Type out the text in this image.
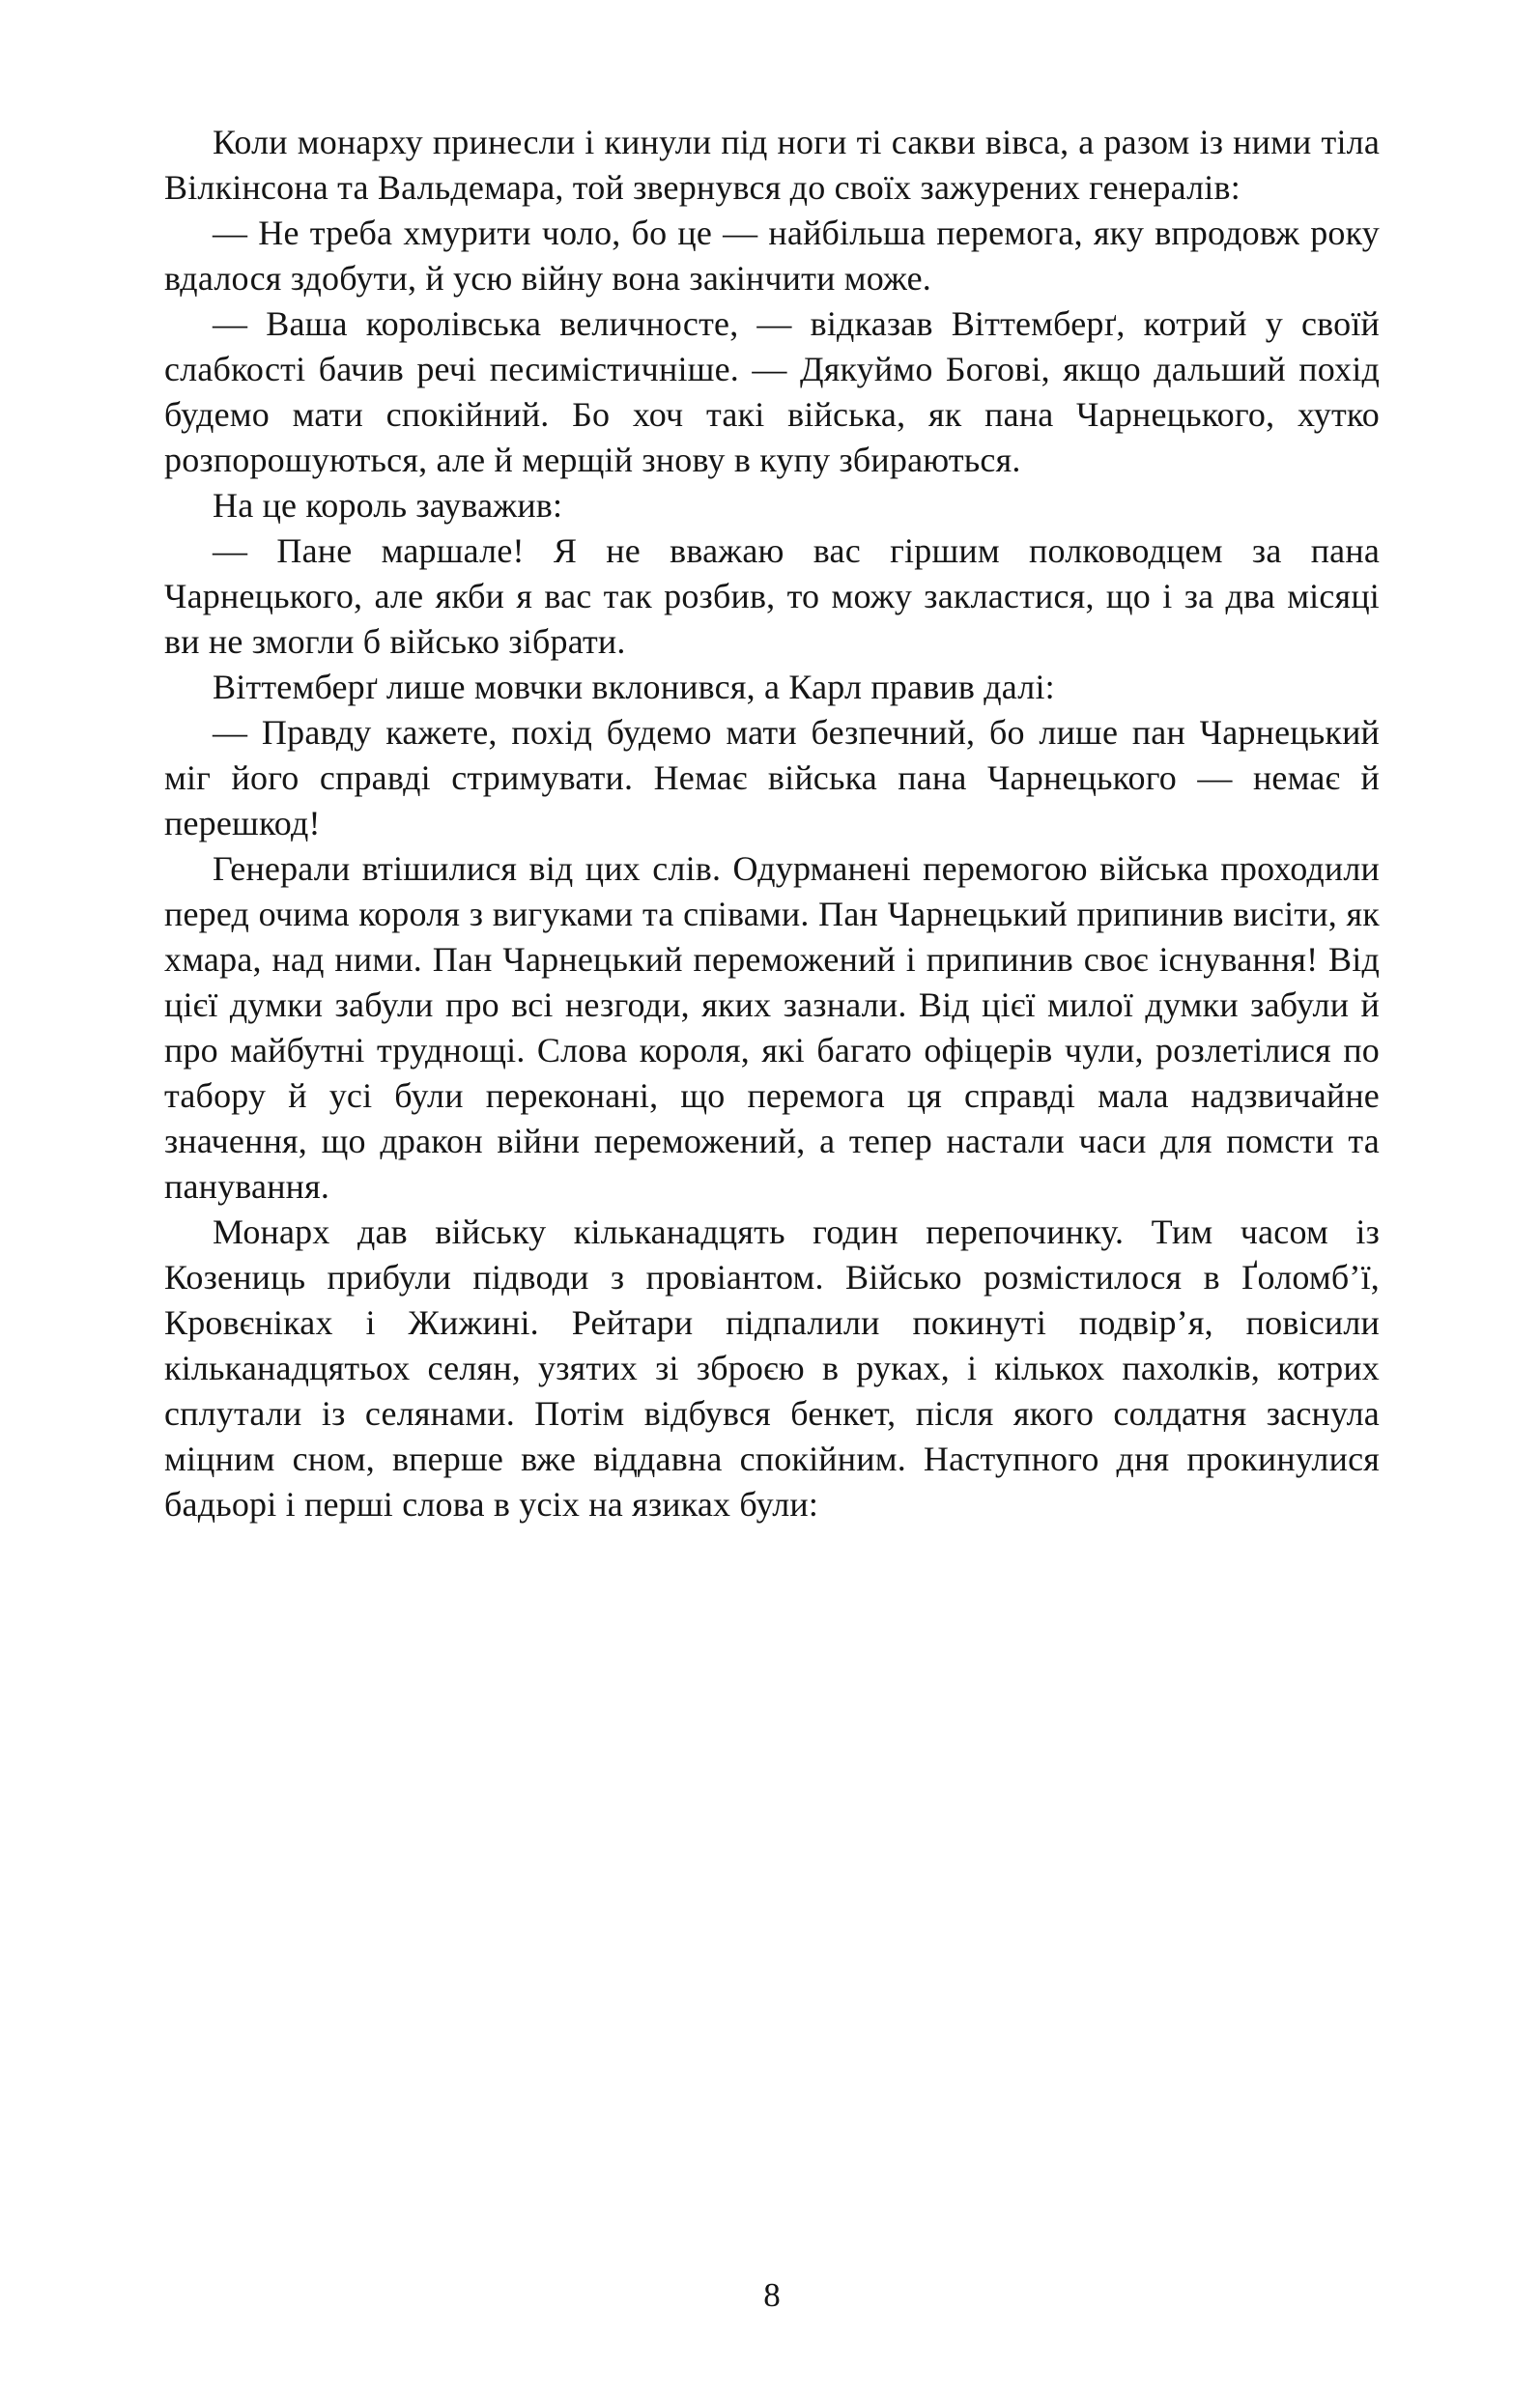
Коли монарху принесли і кинули під ноги ті сакви вівса, а разом із ними тіла Вілкінсона та Вальдемара, той звернувся до своїх зажурених генералів:

— Не треба хмурити чоло, бо це — найбільша перемога, яку впродовж року вдалося здобути, й усю війну вона закінчити може.

— Ваша королівська величносте, — відказав Віттемберґ, котрий у своїй слабкості бачив речі песимістичніше. — Дякуймо Богові, якщо дальший похід будемо мати спокійний. Бо хоч такі війська, як пана Чарнецького, хутко розпорошуються, але й мерщій знову в купу збираються.

На це король зауважив:

— Пане маршале! Я не вважаю вас гіршим полководцем за пана Чарнецького, але якби я вас так розбив, то можу закластися, що і за два місяці ви не змогли б військо зібрати.

Віттемберґ лише мовчки вклонився, а Карл правив далі:

— Правду кажете, похід будемо мати безпечний, бо лише пан Чарнецький міг його справді стримувати. Немає війська пана Чарнецького — немає й перешкод!

Генерали втішилися від цих слів. Одурманені перемогою війська проходили перед очима короля з вигуками та співами. Пан Чарнецький припинив висіти, як хмара, над ними. Пан Чарнецький переможений і припинив своє існування! Від цієї думки забули про всі незгоди, яких зазнали. Від цієї милої думки забули й про майбутні труднощі. Слова короля, які багато офіцерів чули, розлетілися по табору й усі були переконані, що перемога ця справді мала надзвичайне значення, що дракон війни переможений, а тепер настали часи для помсти та панування.

Монарх дав війську кільканадцять годин перепочинку. Тим часом із Козениць прибули підводи з провіантом. Військо розмістилося в Ґоломб’ї, Кровєніках і Жижині. Рейтари підпалили покинуті подвір’я, повісили кільканадцятьох селян, узятих зі зброєю в руках, і кількох пахолків, котрих сплутали із селянами. Потім відбувся бенкет, після якого солдатня заснула міцним сном, вперше вже віддавна спокійним. Наступного дня прокинулися бадьорі і перші слова в усіх на язиках були:

8
